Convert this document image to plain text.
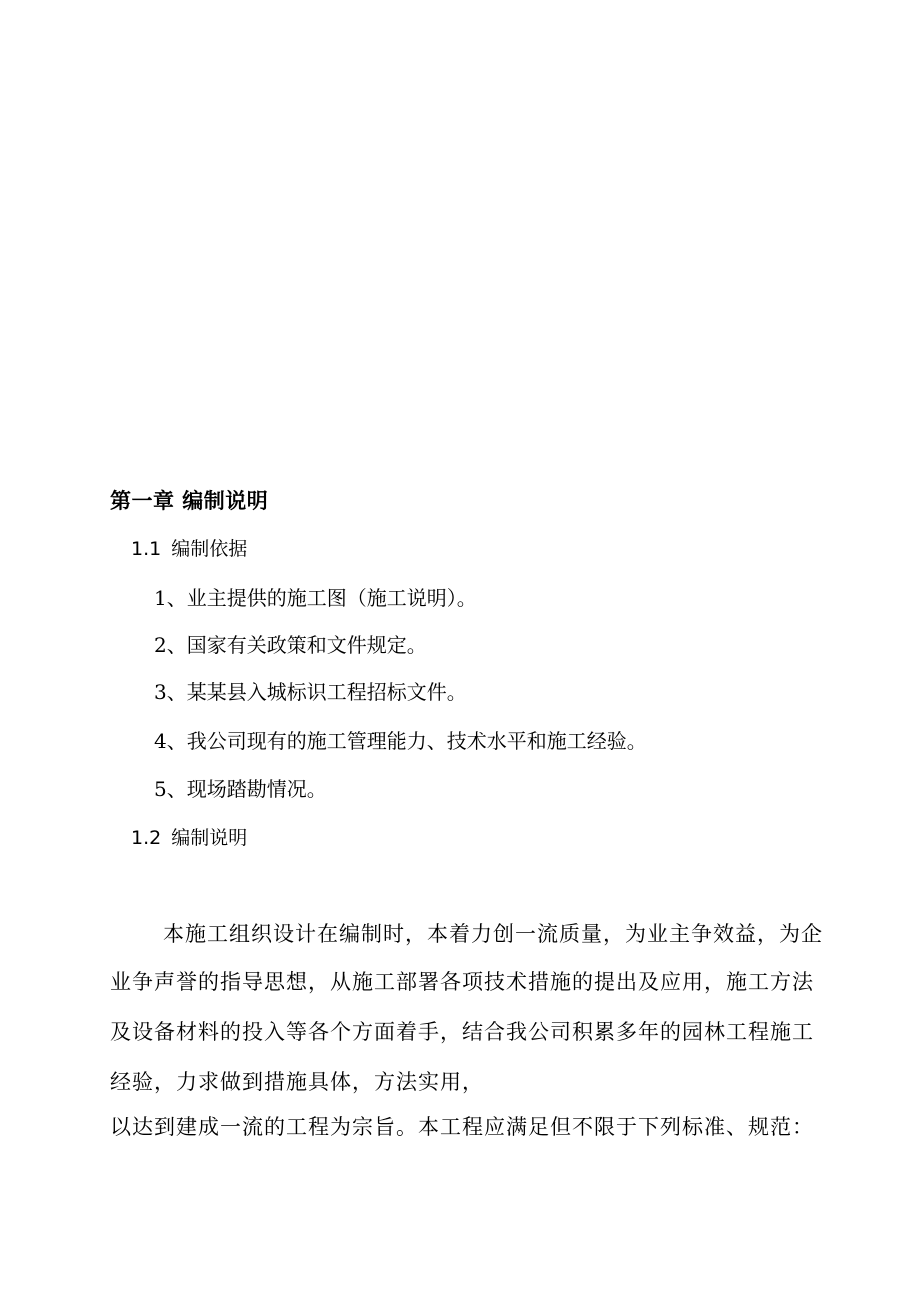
第一章 编制说明
1.1 编制依据
1、业主提供的施工图（施工说明）。
2、国家有关政策和文件规定。
3、某某县入城标识工程招标文件。
4、我公司现有的施工管理能力、技术水平和施工经验。
5、现场踏勘情况。
1.2 编制说明
本施工组织设计在编制时，本着力创一流质量，为业主争效益，为企
业争声誉的指导思想，从施工部署各项技术措施的提出及应用，施工方法
及设备材料的投入等各个方面着手，结合我公司积累多年的园林工程施工
经验，力求做到措施具体，方法实用，
以达到建成一流的工程为宗旨。本工程应满足但不限于下列标准、规范：
